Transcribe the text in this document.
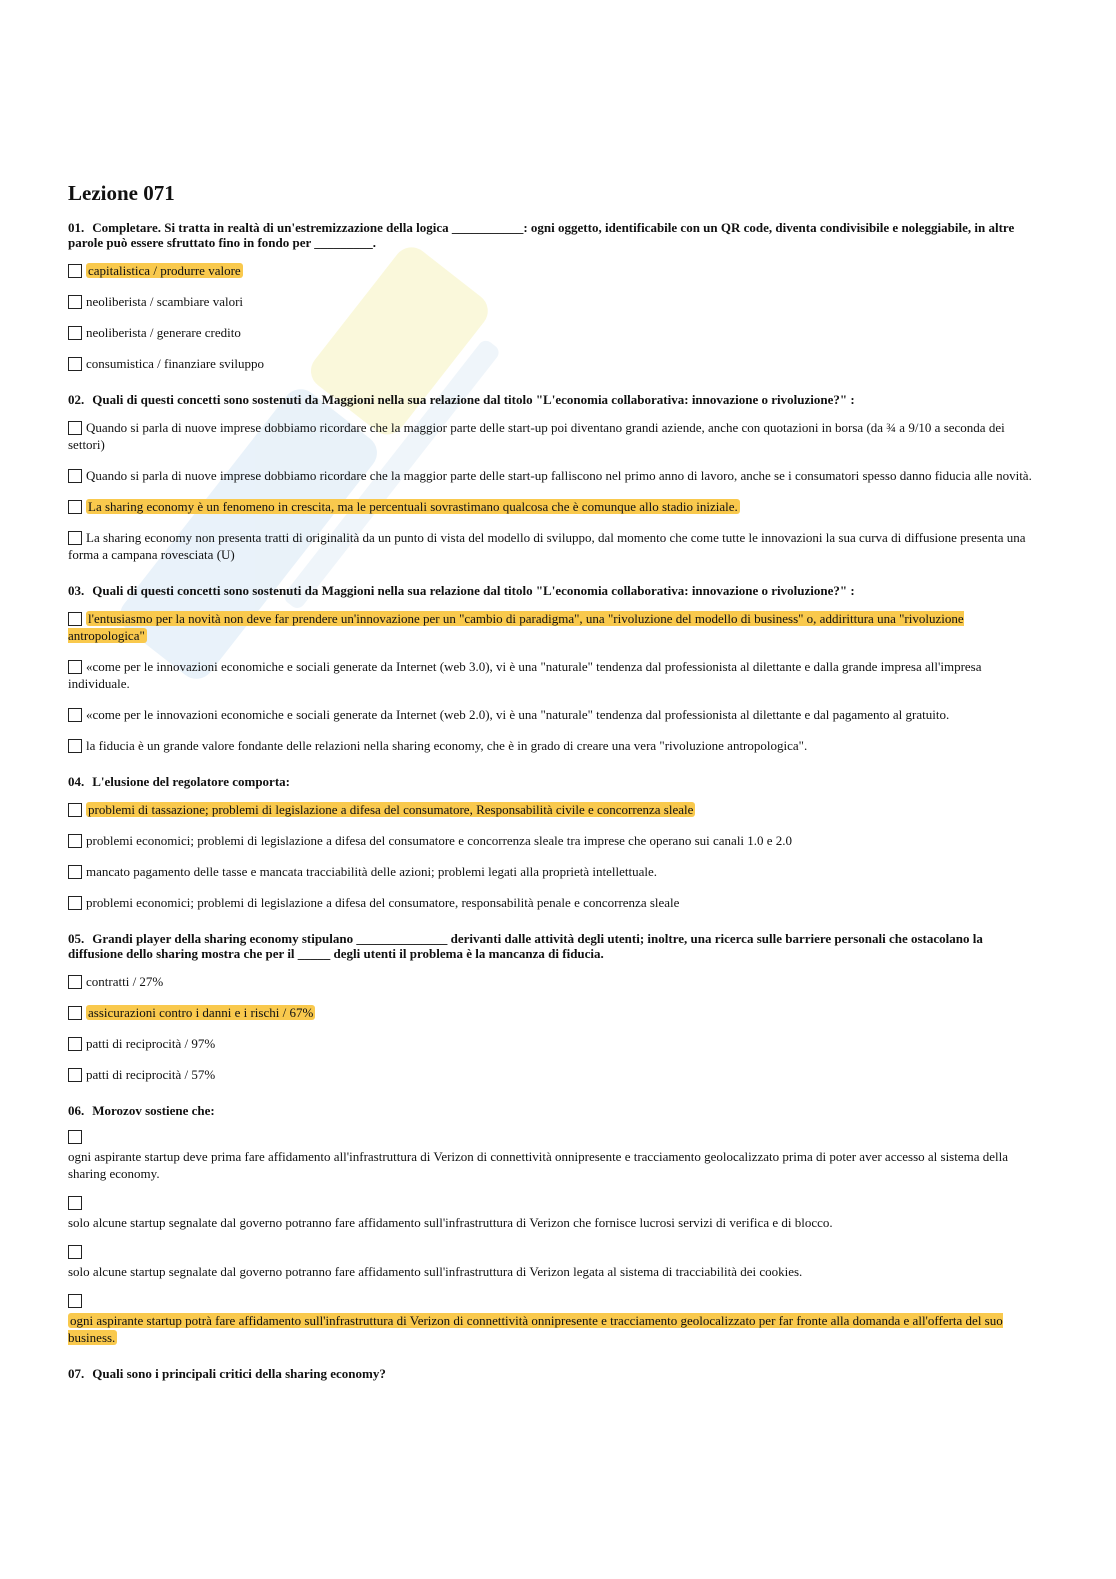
Lezione 071
01. Completare. Si tratta in realtà di un'estremizzazione della logica ___________: ogni oggetto, identificabile con un QR code, diventa condivisibile e noleggiabile, in altre parole può essere sfruttato fino in fondo per _________.
capitalistica / produrre valore
neoliberista / scambiare valori
neoliberista / generare credito
consumistica / finanziare sviluppo
02. Quali di questi concetti sono sostenuti da Maggioni nella sua relazione dal titolo "L'economia collaborativa: innovazione o rivoluzione?" :
Quando si parla di nuove imprese dobbiamo ricordare che la maggior parte delle start-up poi diventano grandi aziende, anche con quotazioni in borsa (da ¾ a 9/10 a seconda dei settori)
Quando si parla di nuove imprese dobbiamo ricordare che la maggior parte delle start-up falliscono nel primo anno di lavoro, anche se i consumatori spesso danno fiducia alle novità.
La sharing economy è un fenomeno in crescita, ma le percentuali sovrastimano qualcosa che è comunque allo stadio iniziale.
La sharing economy non presenta tratti di originalità da un punto di vista del modello di sviluppo, dal momento che come tutte le innovazioni la sua curva di diffusione presenta una forma a campana rovesciata (U)
03. Quali di questi concetti sono sostenuti da Maggioni nella sua relazione dal titolo "L'economia collaborativa: innovazione o rivoluzione?" :
l'entusiasmo per la novità non deve far prendere un'innovazione per un "cambio di paradigma", una "rivoluzione del modello di business" o, addirittura una "rivoluzione antropologica"
«come per le innovazioni economiche e sociali generate da Internet (web 3.0), vi è una "naturale" tendenza dal professionista al dilettante e dalla grande impresa all'impresa individuale.
«come per le innovazioni economiche e sociali generate da Internet (web 2.0), vi è una "naturale" tendenza dal professionista al dilettante e dal pagamento al gratuito.
la fiducia è un grande valore fondante delle relazioni nella sharing economy, che è in grado di creare una vera "rivoluzione antropologica".
04. L'elusione del regolatore comporta:
problemi di tassazione; problemi di legislazione a difesa del consumatore, Responsabilità civile e concorrenza sleale
problemi economici; problemi di legislazione a difesa del consumatore e concorrenza sleale tra imprese che operano sui canali 1.0 e 2.0
mancato pagamento delle tasse e mancata tracciabilità delle azioni; problemi legati alla proprietà intellettuale.
problemi economici; problemi di legislazione a difesa del consumatore, responsabilità penale e concorrenza sleale
05. Grandi player della sharing economy stipulano ______________ derivanti dalle attività degli utenti; inoltre, una ricerca sulle barriere personali che ostacolano la diffusione dello sharing mostra che per il _____ degli utenti il problema è la mancanza di fiducia.
contratti / 27%
assicurazioni contro i danni e i rischi / 67%
patti di reciprocità / 97%
patti di reciprocità / 57%
06. Morozov sostiene che:
ogni aspirante startup deve prima fare affidamento all'infrastruttura di Verizon di connettività onnipresente e tracciamento geolocalizzato prima di poter aver accesso al sistema della sharing economy.
solo alcune startup segnalate dal governo potranno fare affidamento sull'infrastruttura di Verizon che fornisce lucrosi servizi di verifica e di blocco.
solo alcune startup segnalate dal governo potranno fare affidamento sull'infrastruttura di Verizon legata al sistema di tracciabilità dei cookies.
ogni aspirante startup potrà fare affidamento sull'infrastruttura di Verizon di connettività onnipresente e tracciamento geolocalizzato per far fronte alla domanda e all'offerta del suo business.
07. Quali sono i principali critici della sharing economy?
